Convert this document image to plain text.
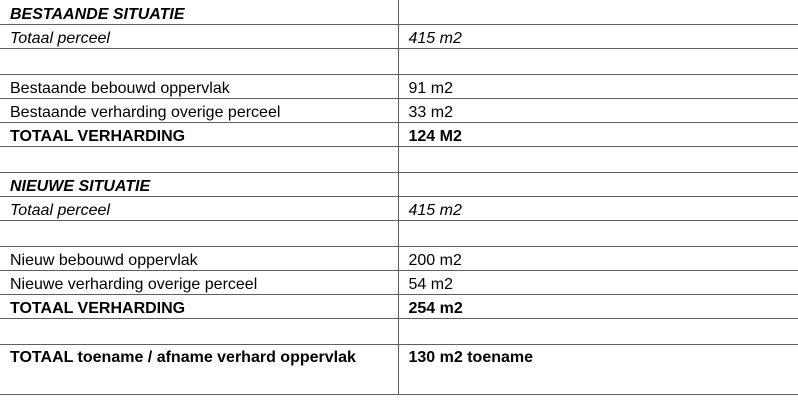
BESTAANDE SITUATIE	
Totaal perceel	415 m2

Bestaande bebouwd oppervlak	91 m2
Bestaande verharding overige perceel	33 m2
TOTAAL VERHARDING	124 M2

NIEUWE SITUATIE	
Totaal perceel	415 m2

Nieuw bebouwd oppervlak	200 m2
Nieuwe verharding overige perceel	54 m2
TOTAAL VERHARDING	254 m2

TOTAAL toename / afname verhard oppervlak	130 m2 toename
